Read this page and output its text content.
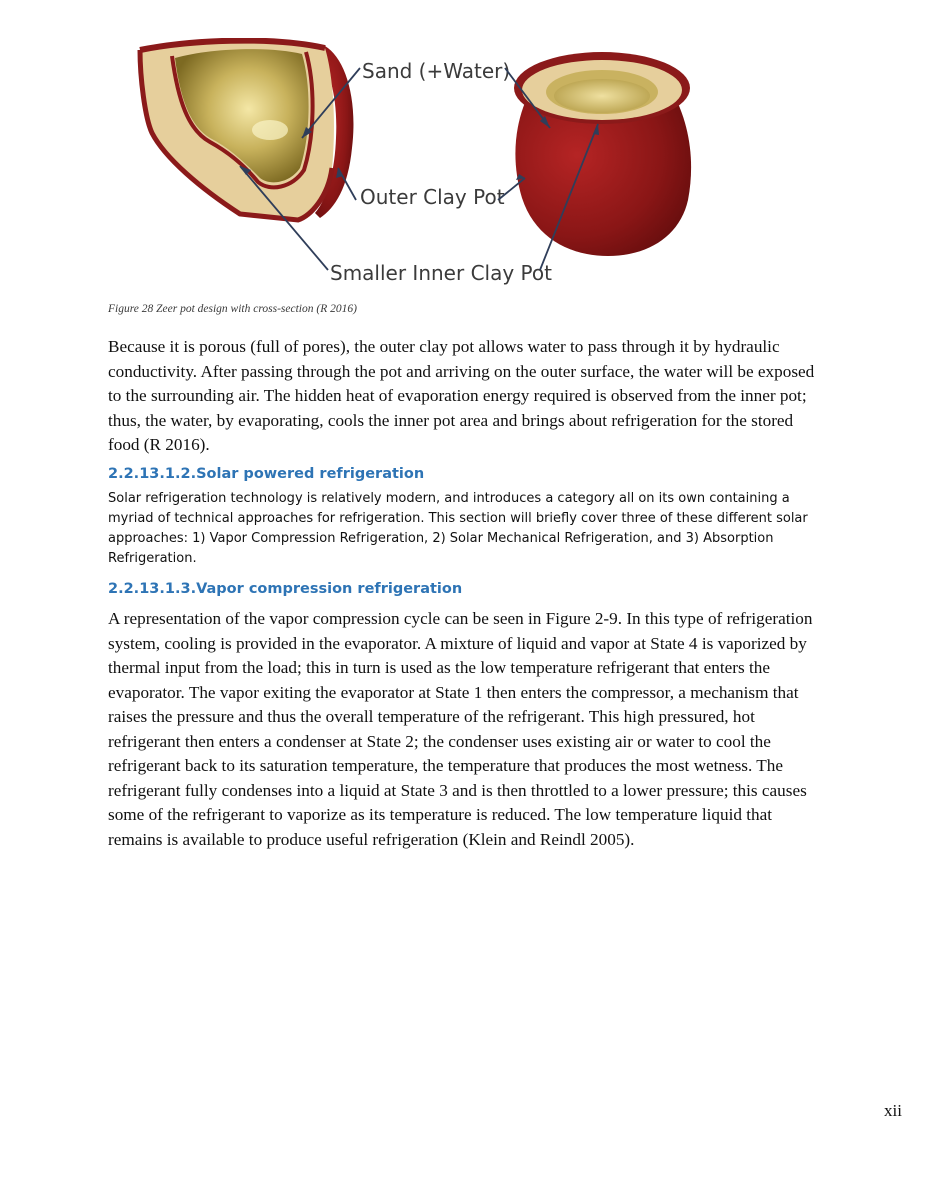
Sand (+Water)
Outer Clay Pot
Smaller Inner Clay Pot
Figure 28 Zeer pot design with cross-section (R 2016)

Because it is porous (full of pores), the outer clay pot allows water to pass through it by hydraulic conductivity. After passing through the pot and arriving on the outer surface, the water will be exposed to the surrounding air. The hidden heat of evaporation energy required is observed from the inner pot; thus, the water, by evaporating, cools the inner pot area and brings about refrigeration for the stored food (R 2016).

2.2.13.1.2.Solar powered refrigeration

Solar refrigeration technology is relatively modern, and introduces a category all on its own containing a myriad of technical approaches for refrigeration. This section will briefly cover three of these different solar approaches: 1) Vapor Compression Refrigeration, 2) Solar Mechanical Refrigeration, and 3) Absorption Refrigeration.

2.2.13.1.3.Vapor compression refrigeration

A representation of the vapor compression cycle can be seen in Figure 2-9. In this type of refrigeration system, cooling is provided in the evaporator. A mixture of liquid and vapor at State 4 is vaporized by thermal input from the load; this in turn is used as the low temperature refrigerant that enters the evaporator. The vapor exiting the evaporator at State 1 then enters the compressor, a mechanism that raises the pressure and thus the overall temperature of the refrigerant. This high pressured, hot refrigerant then enters a condenser at State 2; the condenser uses existing air or water to cool the refrigerant back to its saturation temperature, the temperature that produces the most wetness. The refrigerant fully condenses into a liquid at State 3 and is then throttled to a lower pressure; this causes some of the refrigerant to vaporize as its temperature is reduced. The low temperature liquid that remains is available to produce useful refrigeration (Klein and Reindl 2005).

xii
